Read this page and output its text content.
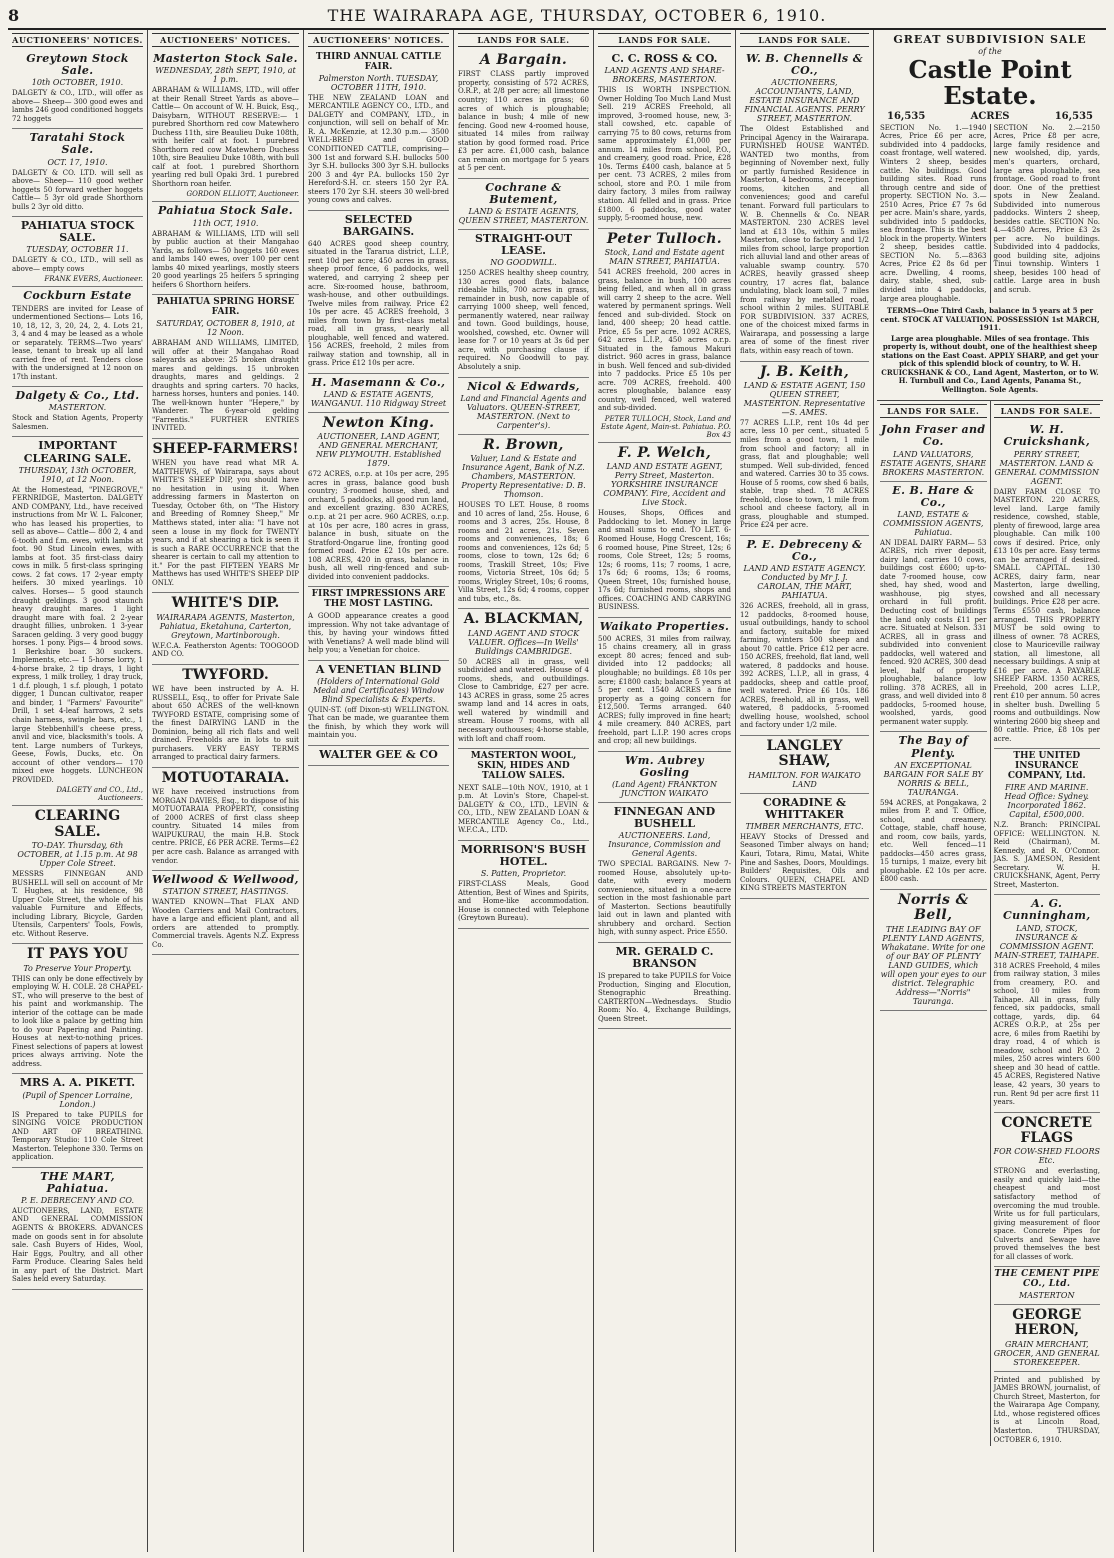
8	THE WAIRARAPA AGE, THURSDAY, OCTOBER 6, 1910.
AUCTIONEERS' NOTICES.
Greytown Stock Sale.
10th OCTOBER, 1910.
DALGETY & CO., LTD., will offer as above— Sheep— 300 good ewes and lambs 246 good conditioned hoggets 72 hoggets
Taratahi Stock Sale.
OCT. 17, 1910.
DALGETY & CO. LTD. will sell as above— Sheep— 110 good wether hoggets 50 forward wether hoggets Cattle— 5 3yr old grade Shorthorn bulls 2 3yr old ditto.
PAHIATUA STOCK SALE.
TUESDAY, OCTOBER 11.
DALGETY & CO., LTD., will sell as above— empty cows
FRANK EVERS, Auctioneer.
Cockburn Estate
TENDERS are invited for Lease of undermentioned Sections— Lots 16, 10, 18, 12, 3, 20, 24, 2, 4. Lots 21, 3, 4 and 4 may be leased as a whole or separately. TERMS—Two years' lease, tenant to break up all land carried free of rent. Tenders close with the undersigned at 12 noon on 17th instant.
Dalgety & Co., Ltd.
MASTERTON.
Stock and Station Agents, Property Salesmen.
IMPORTANT CLEARING SALE.
THURSDAY, 13th OCTOBER, 1910, at 12 Noon.
At the Homestead, "PINEGROVE," FERNRIDGE, Masterton. DALGETY AND COMPANY, Ltd., have received instructions from Mr W. L. Falconer, who has leased his properties, to sell as above— Cattle— 800 2, 4 and 6-tooth and f.m. ewes, with lambs at foot. 90 Stud Lincoln ewes, with lambs at foot. 35 first-class dairy cows in milk. 5 first-class springing cows. 2 fat cows. 17 2-year empty heifers. 30 mixed yearlings. 10 calves. Horses— 5 good staunch draught geldings. 3 good staunch heavy draught mares. 1 light draught mare with foal. 2 2-year draught fillies, unbroken. 1 3-year Saracen gelding. 3 very good buggy horses. 1 pony. Pigs— 4 brood sows. 1 Berkshire boar. 30 suckers. Implements, etc.— 1 5-horse lorry, 1 4-horse brake, 2 tip drays, 1 light express, 1 milk trolley, 1 dray truck, 1 d.f. plough, 1 s.f. plough, 1 potato digger, 1 Duncan cultivator, reaper and binder, 1 "Farmers' Favourite" Drill, 1 set 4-leaf harrows, 2 sets chain harness, swingle bars, etc., 1 large Stebbenhill's cheese press, anvil and vice, blacksmith's tools. A tent. Large numbers of Turkeys, Geese, Fowls, Ducks, etc. On account of other vendors— 170 mixed ewe hoggets. LUNCHEON PROVIDED.
DALGETY and CO., Ltd., Auctioneers.
CLEARING SALE.
TO-DAY. Thursday, 6th OCTOBER, at 1.15 p.m. At 98 Upper Cole Street.
MESSRS FINNEGAN AND BUSHELL will sell on account of Mr T. Hughes, at his residence, 98 Upper Cole Street, the whole of his valuable Furniture and Effects, including Library, Bicycle, Garden Utensils, Carpenters' Tools, Fowls, etc. Without Reserve.
IT PAYS YOU
To Preserve Your Property.
THIS can only be done effectively by employing W. H. COLE. 28 CHAPEL-ST., who will preserve to the best of his paint and workmanship. The interior of the cottage can be made to look like a palace by getting him to do your Papering and Painting. Houses at next-to-nothing prices. Finest selections of papers at lowest prices always arriving. Note the address.
MRS A. A. PIKETT.
(Pupil of Spencer Lorraine, London.)
IS Prepared to take PUPILS for SINGING VOICE PRODUCTION AND ART OF BREATHING. Temporary Studio: 110 Cole Street Masterton. Telephone 330. Terms on application.
THE MART, Pahiatua.
P. E. DEBRECENY AND CO.
AUCTIONEERS, LAND, ESTATE AND GENERAL COMMISSION AGENTS & BROKERS. ADVANCES made on goods sent in for absolute sale. Cash Buyers of Hides, Wool, Hair Eggs, Poultry, and all other Farm Produce. Clearing Sales held in any part of the District. Mart Sales held every Saturday.
AUCTIONEERS' NOTICES.
Masterton Stock Sale.
WEDNESDAY, 28th SEPT, 1910, at 1 p.m.
ABRAHAM & WILLIAMS, LTD., will offer at their Renall Street Yards as above— Cattle— On account of W. H. Buick, Esq., Daisybarn, WITHOUT RESERVE:— 1 purebred Shorthorn red cow Matewhero Duchess 11th, sire Beaulieu Duke 108th, with heifer calf at foot. 1 purebred Shorthorn red cow Matewhero Duchess 10th, sire Beaulieu Duke 108th, with bull calf at foot. 1 purebred Shorthorn yearling red bull Opaki 3rd. 1 purebred Shorthorn roan heifer.
GORDON ELLIOTT, Auctioneer.
Pahiatua Stock Sale.
11th OCT, 1910.
ABRAHAM & WILLIAMS, LTD will sell by public auction at their Mangahao Yards, as follows— 50 hoggets 160 ewes and lambs 140 ewes, over 100 per cent lambs 40 mixed yearlings, mostly steers 20 good yearlings 25 heifers 5 springing heifers 6 Shorthorn heifers.
PAHIATUA SPRING HORSE FAIR.
SATURDAY, OCTOBER 8, 1910, at 12 Noon.
ABRAHAM AND WILLIAMS, LIMITED, will offer at their Mangahao Road saleyards as above: 25 broken draught mares and geldings. 15 unbroken draughts, mares and geldings. 2 draughts and spring carters. 70 hacks, harness horses, hunters and ponies. 140. The well-known hunter "Hepere," by Wanderer. The 6-year-old gelding "Farrentis." FURTHER ENTRIES INVITED.
SHEEP-FARMERS!
WHEN you have read what MR A. MATTHEWS, of Wairarapa, says about WHITE'S SHEEP DIP, you should have no hesitation in using it. When addressing farmers in Masterton on Tuesday, October 6th, on "The History and Breeding of Romney Sheep," Mr Matthews stated, inter alia: "I have not seen a louse in my flock for TWENTY years, and if at shearing a tick is seen it is such a RARE OCCURRENCE that the shearer is certain to call my attention to it." For the past FIFTEEN YEARS Mr Matthews has used WHITE'S SHEEP DIP ONLY.
WHITE'S DIP.
WAIRARAPA AGENTS, Masterton, Pahiatua, Eketahuna, Carterton, Greytown, Martinborough.
W.F.C.A. Featherston Agents: TOOGOOD AND CO.
TWYFORD.
WE have been instructed by A. H. RUSSELL, Esq., to offer for Private Sale about 650 ACRES of the well-known TWYFORD ESTATE, comprising some of the finest DAIRYING LAND in the Dominion, being all rich flats and well drained. Freeholds are in lots to suit purchasers. VERY EASY TERMS arranged to practical dairy farmers.
MOTUOTARAIA.
WE have received instructions from MORGAN DAVIES, Esq., to dispose of his MOTUOTARAIA PROPERTY, consisting of 2000 ACRES of first class sheep country. Situated 14 miles from WAIPUKURAU, the main H.B. Stock centre. PRICE, £6 PER ACRE. Terms—£2 per acre cash. Balance as arranged with vendor.
Wellwood & Wellwood,
STATION STREET, HASTINGS.
WANTED KNOWN—That FLAX AND Wooden Carriers and Mail Contractors, have a large and efficient plant, and all orders are attended to promptly. Commercial travels. Agents N.Z. Express Co.
AUCTIONEERS' NOTICES.
THIRD ANNUAL CATTLE FAIR.
Palmerston North. TUESDAY, OCTOBER 11TH, 1910.
THE NEW ZEALAND LOAN and MERCANTILE AGENCY CO., LTD., and DALGETY and COMPANY, LTD., in conjunction, will sell on behalf of Mr. R. A. McKenzie, at 12.30 p.m.— 3500 WELL-BRED and GOOD CONDITIONED CATTLE, comprising— 300 1st and forward S.H. bullocks 500 3yr S.H. bullocks 300 3yr S.H. bullocks 200 3 and 4yr P.A. bullocks 150 2yr Hereford-S.H. cr. steers 150 2yr P.A. steers 170 2yr S.H. steers 30 well-bred young cows and calves.
SELECTED BARGAINS.
640 ACRES good sheep country, situated in the Tararua district, L.I.P., rent 10d per acre; 450 acres in grass, sheep proof fence, 6 paddocks, well watered, and carrying 2 sheep per acre. Six-roomed house, bathroom, wash-house, and other outbuildings. Twelve miles from railway. Price £2 10s per acre. 45 ACRES freehold, 3 miles from town by first-class metal road, all in grass, nearly all ploughable, well fenced and watered. 156 ACRES, freehold, 2 miles from railway station and township, all in grass. Price £12 10s per acre.
H. Masemann & Co.,
LAND & ESTATE AGENTS, WANGANUI. 110 Ridgway Street
Newton King.
AUCTIONEER, LAND AGENT, AND GENERAL MERCHANT, NEW PLYMOUTH. Established 1879.
672 ACRES, o.r.p. at 10s per acre, 295 acres in grass, balance good bush country; 3-roomed house, shed, and orchard, 5 paddocks, all good run land, and excellent grazing. 830 ACRES, o.r.p. at 21 per acre. 960 ACRES, o.r.p. at 10s per acre, 180 acres in grass, balance in bush, situate on the Stratford-Ongarue line, fronting good formed road. Price £2 10s per acre. 108 ACRES, 420 in grass, balance in bush, all well ring-fenced and sub-divided into convenient paddocks.
FIRST IMPRESSIONS ARE THE MOST LASTING.
A GOOD appearance creates a good impression. Why not take advantage of this, by having your windows fitted with Venetians? A well made blind will help you; a Venetian for choice.
A VENETIAN BLIND
(Holders of International Gold Medal and Certificates) Window Blind Specialists & Experts.
QUIN-ST. (off Dixon-st) WELLINGTON. That can be made, we guarantee them the finish, by which they work will maintain you.
WALTER GEE & CO
LANDS FOR SALE.
A Bargain.
FIRST CLASS partly improved property, consisting of 572 ACRES, O.R.P., at 2/8 per acre; all limestone country; 110 acres in grass; 60 acres of which is ploughable; balance in bush; 4 mile of new fencing. Good new 4-roomed house, situated 14 miles from railway station by good formed road. Price £3 per acre. £1,000 cash, balance can remain on mortgage for 5 years at 5 per cent.
Cochrane & Butement,
LAND & ESTATE AGENTS, QUEEN STREET, MASTERTON.
STRAIGHT-OUT LEASE.
NO GOODWILL.
1250 ACRES healthy sheep country, 130 acres good flats, balance rideable hills, 700 acres in grass, remainder in bush, now capable of carrying 1000 sheep, well fenced, permanently watered, near railway and town. Good buildings, house, woolshed, cowshed, etc. Owner will lease for 7 or 10 years at 3s 6d per acre, with purchasing clause if required. No Goodwill to pay. Absolutely a snip.
Nicol & Edwards,
Land and Financial Agents and Valuators. QUEEN-STREET, MASTERTON. (Next to Carpenter's).
R. Brown,
Valuer, Land & Estate and Insurance Agent, Bank of N.Z. Chambers, MASTERTON. Property Representative: D. B. Thomson.
HOUSES TO LET. House, 8 rooms and 10 acres of land, 25s. House, 6 rooms and 3 acres, 25s. House, 8 rooms and 21 acres, 21s. Seven rooms and conveniences, 18s; 6 rooms and conveniences, 12s 6d; 5 rooms, close to town, 12s 6d; 6 rooms, Traskill Street, 10s; Five rooms, Victoria Street, 10s 6d; 5 rooms, Wrigley Street, 10s; 6 rooms, Villa Street, 12s 6d; 4 rooms, copper and tubs, etc., 8s.
A. BLACKMAN,
LAND AGENT AND STOCK VALUER. Offices—In Wells' Buildings CAMBRIDGE.
50 ACRES all in grass, well subdivided and watered. House of 4 rooms, sheds, and outbuildings. Close to Cambridge, £27 per acre. 143 ACRES in grass, some 25 acres swamp land and 14 acres in oats, well watered by windmill and stream. House 7 rooms, with all necessary outhouses; 4-horse stable, with loft and chaff room.
MASTERTON WOOL, SKIN, HIDES AND TALLOW SALES.
NEXT SALE—10th NOV., 1910, at 1 p.m. At Lovin's Store, Chapel-st. DALGETY & CO., LTD., LEVIN & CO., LTD., NEW ZEALAND LOAN & MERCANTILE Agency Co., Ltd., W.F.C.A., LTD.
MORRISON'S BUSH HOTEL.
S. Patten, Proprietor.
FIRST-CLASS Meals, Good Attention, Best of Wines and Spirits, and Home-like accommodation. House is connected with Telephone (Greytown Bureau).
LANDS FOR SALE.
C. C. ROSS & CO.
LAND AGENTS AND SHARE-BROKERS, MASTERTON.
THIS IS WORTH INSPECTION. Owner Holding Too Much Land Must Sell. 219 ACRES Freehold, all improved, 3-roomed house, new, 3-stall cowshed, etc. capable of carrying 75 to 80 cows, returns from same approximately £1,000 per annum. 14 miles from school, P.O., and creamery, good road. Price, £28 10s. Terms £400 cash, balance at 5 per cent. 73 ACRES, 2 miles from school, store and P.O. 1 mile from dairy factory, 3 miles from railway station. All felled and in grass. Price £1800. 6 paddocks, good water supply, 5-roomed house, new.
Peter Tulloch.
Stock, Land and Estate agent MAIN STREET, PAHIATUA.
541 ACRES freehold, 200 acres in grass, balance in bush, 100 acres being felled, and when all in grass will carry 2 sheep to the acre. Well watered by permanent springs. Well fenced and sub-divided. Stock on land, 400 sheep; 20 head cattle. Price, £5 5s per acre. 1092 ACRES, 642 acres L.I.P., 450 acres o.r.p. Situated in the famous Makuri district. 960 acres in grass, balance in bush. Well fenced and sub-divided into 7 paddocks. Price £5 10s per acre. 709 ACRES, freehold. 400 acres ploughable, balance easy country, well fenced, well watered and sub-divided.
PETER TULLOCH, Stock, Land and Estate Agent, Main-st. Pahiatua. P.O. Box 43
F. P. Welch,
LAND AND ESTATE AGENT, Perry Street, Masterton. YORKSHIRE INSURANCE COMPANY. Fire, Accident and Live Stock.
Houses, Shops, Offices and Paddocking to let. Money in large and small sums to end. TO LET. 6-Roomed House, Hogg Crescent, 16s; 6 roomed house, Pine Street, 12s; 6 rooms, Cole Street, 12s; 5 rooms, 12s; 6 rooms, 11s; 7 rooms, 1 acre, 17s 6d; 6 rooms, 13s; 6 rooms, Queen Street, 10s; furnished house, 17s 6d; furnished rooms, shops and offices. COACHING AND CARRYING BUSINESS.
Waikato Properties.
500 ACRES, 31 miles from railway, 15 chains creamery, all in grass except 80 acres; fenced and sub-divided into 12 paddocks; all ploughable; no buildings. £8 10s per acre; £1800 cash; balance 5 years at 5 per cent. 1540 ACRES a fine property as a going concern for £12,500. Terms arranged. 640 ACRES; fully improved in fine heart; 4 mile creamery. 840 ACRES, part freehold, part L.I.P. 190 acres crops and crop; all new buildings.
Wm. Aubrey Gosling
(Land Agent) FRANKTON JUNCTION WAIKATO
FINNEGAN AND BUSHELL
AUCTIONEERS. Land, Insurance, Commission and General Agents.
TWO SPECIAL BARGAINS. New 7-roomed House, absolutely up-to-date, with every modern convenience, situated in a one-acre section in the most fashionable part of Masterton. Sections beautifully laid out in lawn and planted with shrubbery and orchard. Section high, with sunny aspect. Price £550.
MR. GERALD C. BRANSON
IS prepared to take PUPILS for Voice Production, Singing and Elocution, Stenographic Breathing. CARTERTON—Wednesdays. Studio Room: No. 4, Exchange Buildings, Queen Street.
LANDS FOR SALE.
W. B. Chennells & CO.,
AUCTIONEERS, ACCOUNTANTS, LAND, ESTATE INSURANCE AND FINANCIAL AGENTS. PERRY STREET, MASTERTON.
The Oldest Established and Principal Agency in the Wairarapa. FURNISHED HOUSE WANTED. WANTED two months, from beginning of November next, fully or partly furnished Residence in Masterton, 4 bedrooms, 2 reception rooms, kitchen and all conveniences; good and careful tenant. Forward full particulars to W. B. Chennells & Co. NEAR MASTERTON. 230 ACRES level land at £13 10s, within 5 miles Masterton, close to factory and 1/2 miles from school, large proportion rich alluvial land and other areas of valuable swamp country. 570 ACRES, heavily grassed sheep country, 17 acres flat, balance undulating, black loam soil, 7 miles from railway by metalled road, school within 2 miles. SUITABLE FOR SUBDIVISION. 337 ACRES, one of the choicest mixed farms in Wairarapa, and possessing a large area of some of the finest river flats, within easy reach of town.
J. B. Keith,
LAND & ESTATE AGENT, 150 QUEEN STREET, MASTERTON. Representative—S. AMES.
77 ACRES L.I.P., rent 10s 4d per acre, less 10 per cent., situated 5 miles from a good town, 1 mile from school and factory; all in grass, flat and ploughable; well stumped. Well sub-divided, fenced and watered. Carries 30 to 35 cows. House of 5 rooms, cow shed 6 bails, stable, trap shed. 78 ACRES freehold, close to town, 1 mile from school and cheese factory, all in grass, ploughable and stumped. Price £24 per acre.
P. E. Debreceny & Co.,
LAND AND ESTATE AGENCY. Conducted by Mr J. J. CAROLAN, THE MART, PAHIATUA.
326 ACRES, freehold, all in grass, 12 paddocks, 8-roomed house, usual outbuildings, handy to school and factory, suitable for mixed farming, winters 500 sheep and about 70 cattle. Price £12 per acre. 150 ACRES, freehold, flat land, well watered, 8 paddocks and house. 392 ACRES, L.I.P., all in grass, 4 paddocks, sheep and cattle proof, well watered. Price £6 10s. 186 ACRES, freehold, all in grass, well watered, 8 paddocks, 5-roomed dwelling house, woolshed, school and factory under 1/2 mile.
LANGLEY SHAW,
HAMILTON. FOR WAIKATO LAND
CORADINE & WHITTAKER
TIMBER MERCHANTS, ETC.
HEAVY Stocks of Dressed and Seasoned Timber always on hand; Kauri, Totara, Rimu, Matai, White Pine and Sashes, Doors, Mouldings. Builders' Requisites, Oils and Colours. QUEEN, CHAPEL AND KING STREETS MASTERTON
GREAT SUBDIVISION SALE
of the
Castle Point Estate.
16,535	ACRES	16,535
SECTION No. 1.—1940 Acres, Price £6 per acre, subdivided into 4 paddocks, coast frontage, well watered. Winters 2 sheep, besides cattle. No buildings. Good building sites. Road runs through centre and side of property. SECTION No. 3.—2510 Acres, Price £7 7s 6d per acre. Main's share, yards, subdivided into 5 paddocks, sea frontage. This is the best block in the property. Winters 2 sheep, besides cattle. SECTION No. 5.—8363 Acres, Price £2 8s 6d per acre. Dwelling, 4 rooms, dairy, stable, shed, sub-divided into 4 paddocks, large area ploughable.
SECTION No. 2.—2150 Acres, Price £8 per acre, large family residence and new woolshed, dip, yards, men's quarters, orchard, large area ploughable, sea frontage. Good road to front door. One of the prettiest spots in New Zealand. Subdivided into numerous paddocks. Winters 2 sheep, besides cattle. SECTION No. 4.—4580 Acres, Price £3 2s per acre. No buildings. Subdivided into 4 paddocks, good building site, adjoins Tinui township. Winters 1 sheep, besides 100 head of cattle. Large area in bush and scrub.
TERMS—One Third Cash, balance in 5 years at 5 per cent. STOCK AT VALUATION. POSSESSION 1st MARCH, 1911.
Large area ploughable. Miles of sea frontage. This property is, without doubt, one of the healthiest sheep stations on the East Coast. APPLY SHARP, and get your pick of this splendid block of country, to W. H. CRUICKSHANK & CO., Land Agent, Masterton, or to W. H. Turnbull and Co., Land Agents, Panama St., Wellington. Sole Agents.
LANDS FOR SALE.
John Fraser and Co.
LAND VALUATORS, ESTATE AGENTS, SHARE BROKERS MASTERTON.
E. B. Hare & Co.,
LAND, ESTATE & COMMISSION AGENTS, Pahiatua.
AN IDEAL DAIRY FARM— 53 ACRES, rich river deposit, dairy land, carries 10 cows, buildings cost £600; up-to-date 7-roomed house, cow shed, hay shed, wood and washhouse, pig styes, orchard in full profit. Deducting cost of buildings the land only costs £11 per acre. Situated at Nelson. 331 ACRES, all in grass and subdivided into convenient paddocks, well watered and fenced. 920 ACRES, 300 dead level, half of property ploughable, balance low rolling. 378 ACRES, all in grass, and well divided into 8 paddocks, 5-roomed house, woolshed, yards, good permanent water supply.
The Bay of Plenty.
AN EXCEPTIONAL BARGAIN FOR SALE BY NORRIS & BELL, TAURANGA.
594 ACRES, at Pongakawa, 2 miles from P. and T. Office, school, and creamery. Cottage, stable, chaff house, and room, cow bails, yards, etc. Well fenced—11 paddocks—450 acres grass, 15 turnips, 1 maize, every bit ploughable. £2 10s per acre. £800 cash.
Norris & Bell,
THE LEADING BAY OF PLENTY LAND AGENTS, Whakatane. Write for one of our BAY OF PLENTY LAND GUIDES, which will open your eyes to our district. Telegraphic Address—"Norris" Tauranga.
LANDS FOR SALE.
W. H. Cruickshank,
PERRY STREET, MASTERTON. LAND & GENERAL COMMISSION AGENT.
DAIRY FARM CLOSE TO MASTERTON. 220 ACRES, level land. Large family residence, cowshed, stable, plenty of firewood, large area ploughable. Can milk 100 cows if desired. Price, only £13 10s per acre. Easy terms can be arranged if desired. SMALL CAPITAL. 130 ACRES, dairy farm, near Masterton, large dwelling, cowshed and all necessary buildings. Price £28 per acre. Terms £550 cash, balance arranged. THIS PROPERTY MUST be sold owing to illness of owner. 78 ACRES, close to Mauriceville railway station, all limestone, all necessary buildings. A snip at £16 per acre. A PAYABLE SHEEP FARM. 1350 ACRES, Freehold, 200 acres L.I.P., rent £10 per annum. 50 acres in shelter bush. Dwelling 5 rooms and outbuildings. Now wintering 2600 big sheep and 80 cattle. Price, £8 10s per acre.
THE UNITED INSURANCE COMPANY, Ltd.
FIRE AND MARINE. Head Office: Sydney. Incorporated 1862. Capital, £500,000.
N.Z. Branch: PRINCIPAL OFFICE: WELLINGTON. N. Reid (Chairman), M. Kennedy, and R. O'Connor. JAS. S. JAMESON, Resident Secretary. W. H. CRUICKSHANK, Agent, Perry Street, Masterton.
A. G. Cunningham,
LAND, STOCK, INSURANCE & COMMISSION AGENT. MAIN-STREET, TAIHAPE.
318 ACRES Freehold, 4 miles from railway station, 3 miles from creamery, P.O. and school, 10 miles from Taihape. All in grass, fully fenced, six paddocks, small cottage, yards, dip. 64 ACRES O.R.P., at 25s per acre, 6 miles from Raetihi by dray road, 4 of which is meadow, school and P.O. 2 miles, 250 acres winters 600 sheep and 30 head of cattle. 45 ACRES, Registered Native lease, 42 years, 30 years to run. Rent 9d per acre first 11 years.
CONCRETE FLAGS
FOR COW-SHED FLOORS Etc.
STRONG and everlasting, easily and quickly laid—the cheapest and most satisfactory method of overcoming the mud trouble. Write us for full particulars, giving measurement of floor space. Concrete Pipes for Culverts and Sewage have proved themselves the best for all classes of work.
THE CEMENT PIPE CO., Ltd.
MASTERTON
GEORGE HERON,
GRAIN MERCHANT, GROCER, AND GENERAL STOREKEEPER.
Printed and published by JAMES BROWN, journalist, of Church Street, Masterton, for the Wairarapa Age Company, Ltd., whose registered offices is at Lincoln Road, Masterton. THURSDAY, OCTOBER 6, 1910.
